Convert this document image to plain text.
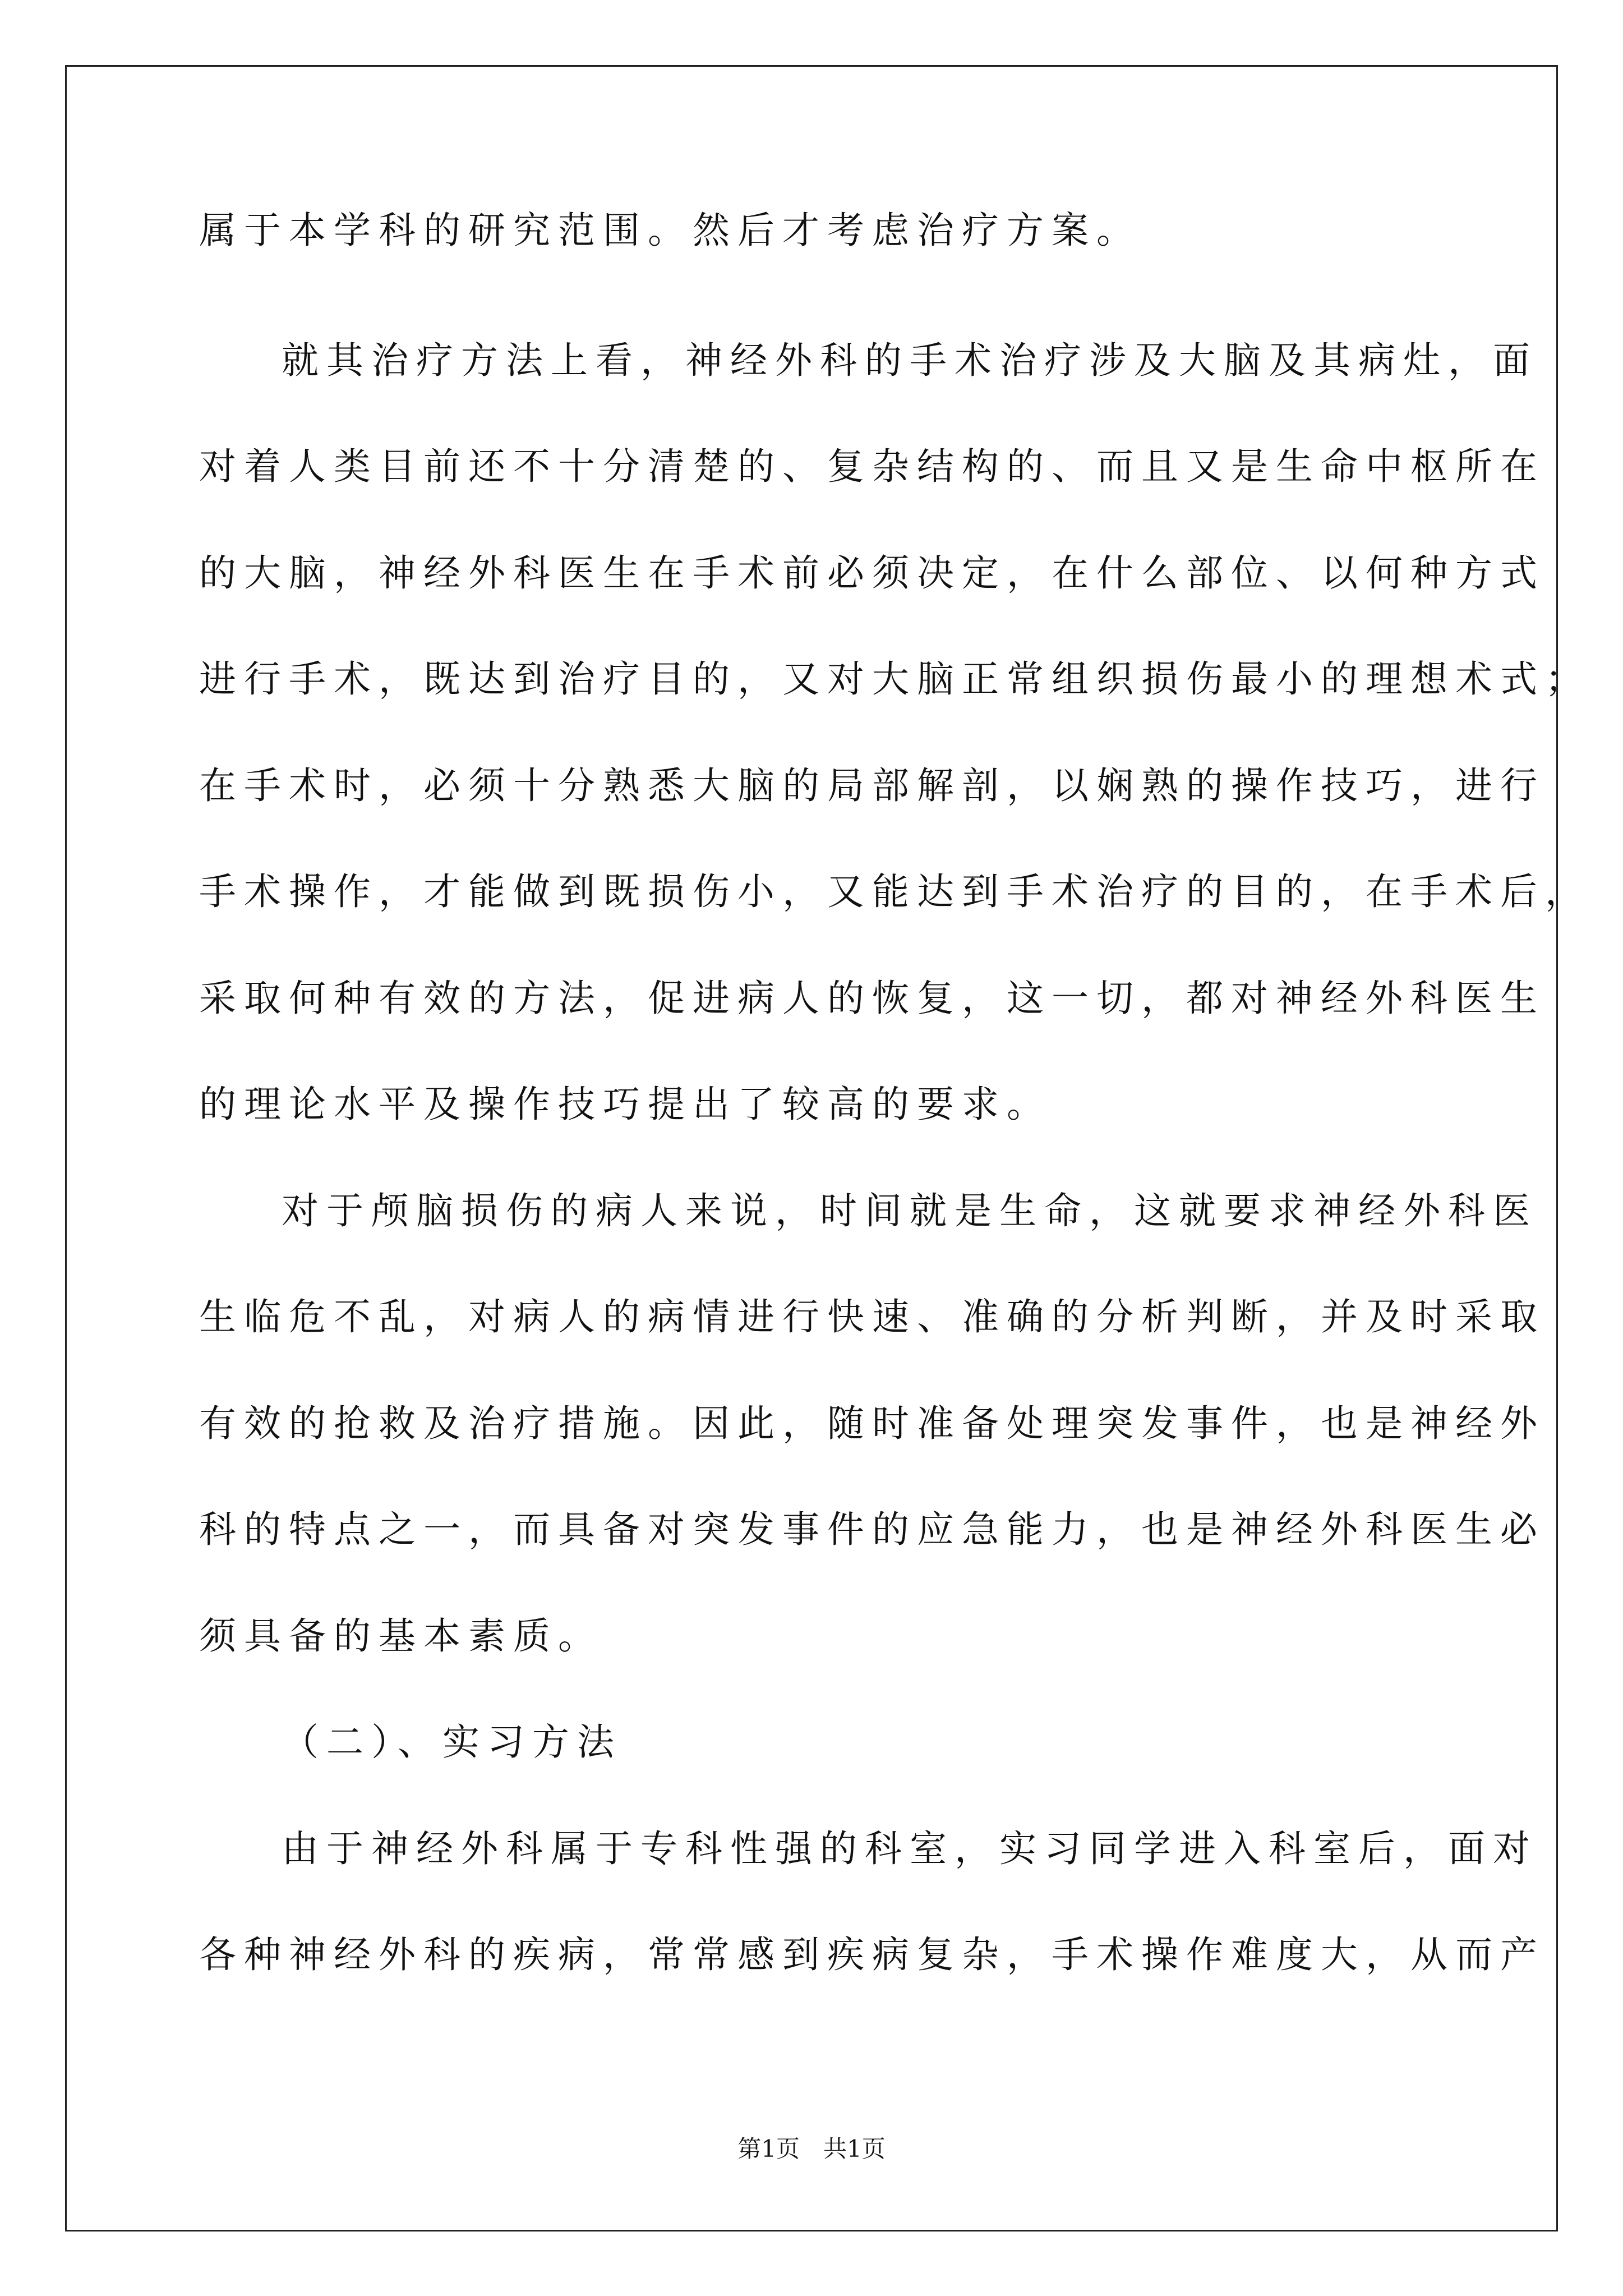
属于本学科的研究范围。然后才考虑治疗方案。

就其治疗方法上看，神经外科的手术治疗涉及大脑及其病灶，面

对着人类目前还不十分清楚的、复杂结构的、而且又是生命中枢所在

的大脑，神经外科医生在手术前必须决定，在什么部位、以何种方式

进行手术，既达到治疗目的，又对大脑正常组织损伤最小的理想术式；

在手术时，必须十分熟悉大脑的局部解剖，以娴熟的操作技巧，进行

手术操作，才能做到既损伤小，又能达到手术治疗的目的，在手术后，

采取何种有效的方法，促进病人的恢复，这一切，都对神经外科医生

的理论水平及操作技巧提出了较高的要求。

对于颅脑损伤的病人来说，时间就是生命，这就要求神经外科医

生临危不乱，对病人的病情进行快速、准确的分析判断，并及时采取

有效的抢救及治疗措施。因此，随时准备处理突发事件，也是神经外

科的特点之一，而具备对突发事件的应急能力，也是神经外科医生必

须具备的基本素质。

（二）、实习方法

由于神经外科属于专科性强的科室，实习同学进入科室后，面对

各种神经外科的疾病，常常感到疾病复杂，手术操作难度大，从而产

第1页　共1页
